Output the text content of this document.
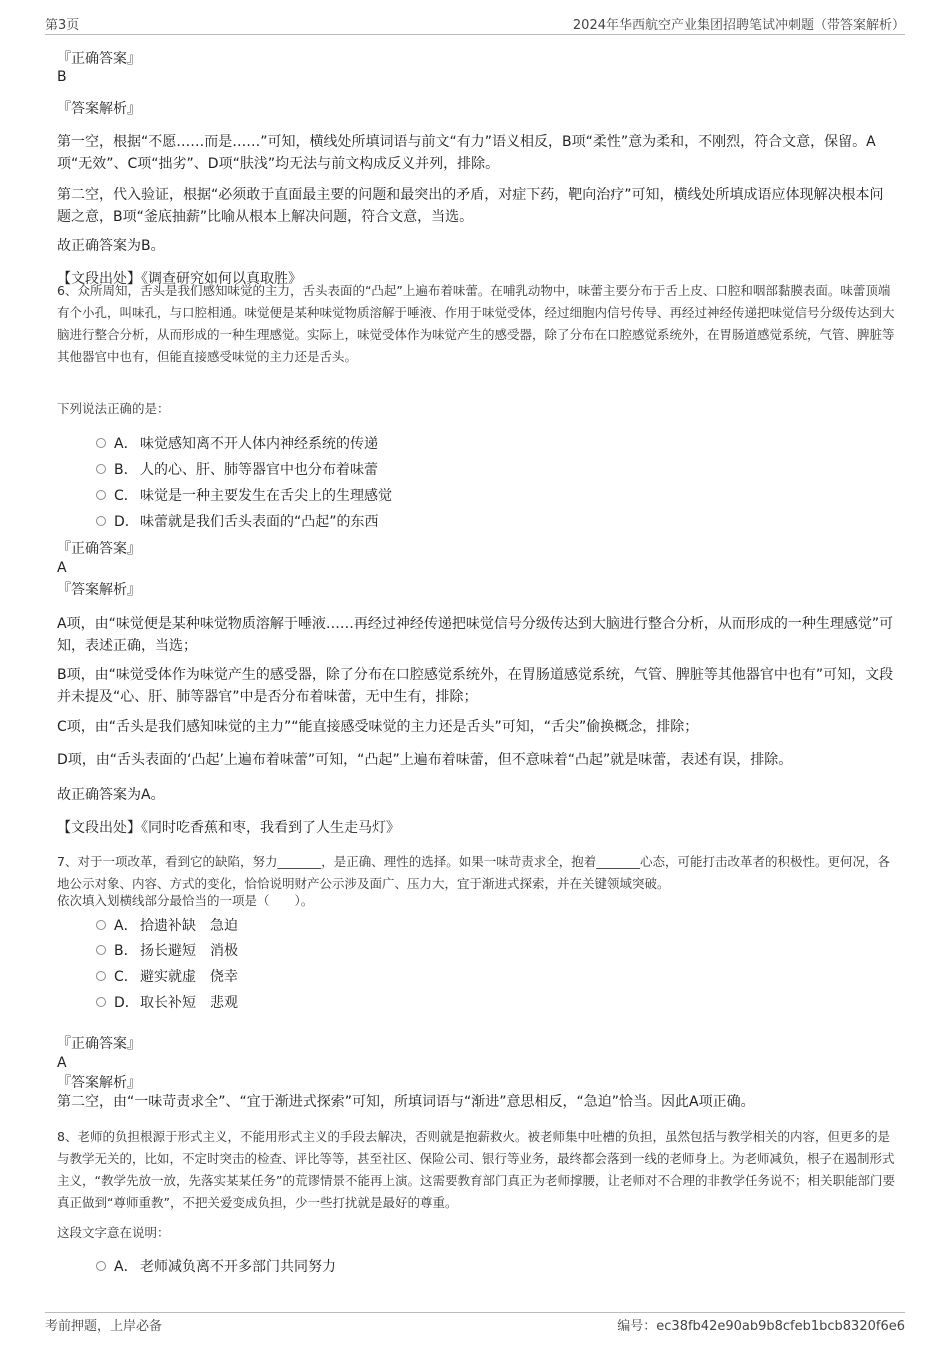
第3页	2024年华西航空产业集团招聘笔试冲刺题（带答案解析）
『正确答案』
B
『答案解析』
第一空，根据“不愿……而是……”可知，横线处所填词语与前文“有力”语义相反，B项“柔性”意为柔和，不刚烈，符合文意，保留。A项“无效”、C项“拙劣”、D项“肤浅”均无法与前文构成反义并列，排除。
第二空，代入验证，根据“必须敢于直面最主要的问题和最突出的矛盾，对症下药，靶向治疗”可知，横线处所填成语应体现解决根本问题之意，B项“釜底抽薪”比喻从根本上解决问题，符合文意，当选。
故正确答案为B。
【文段出处】《调查研究如何以真取胜》
6、众所周知，舌头是我们感知味觉的主力，舌头表面的“凸起”上遍布着味蕾。在哺乳动物中，味蕾主要分布于舌上皮、口腔和咽部黏膜表面。味蕾顶端有个小孔，叫味孔，与口腔相通。味觉便是某种味觉物质溶解于唾液、作用于味觉受体，经过细胞内信号传导、再经过神经传递把味觉信号分级传达到大脑进行整合分析，从而形成的一种生理感觉。实际上，味觉受体作为味觉产生的感受器，除了分布在口腔感觉系统外，在胃肠道感觉系统，气管、脾脏等其他器官中也有，但能直接感受味觉的主力还是舌头。
下列说法正确的是：
A． 味觉感知离不开人体内神经系统的传递
B． 人的心、肝、肺等器官中也分布着味蕾
C． 味觉是一种主要发生在舌尖上的生理感觉
D．味蕾就是我们舌头表面的“凸起”的东西
『正确答案』
A
『答案解析』
A项，由“味觉便是某种味觉物质溶解于唾液……再经过神经传递把味觉信号分级传达到大脑进行整合分析，从而形成的一种生理感觉”可知，表述正确，当选；
B项，由“味觉受体作为味觉产生的感受器，除了分布在口腔感觉系统外，在胃肠道感觉系统，气管、脾脏等其他器官中也有”可知，文段并未提及“心、肝、肺等器官”中是否分布着味蕾，无中生有，排除；
C项，由“舌头是我们感知味觉的主力”“能直接感受味觉的主力还是舌头”可知，“舌尖”偷换概念，排除；
D项，由“舌头表面的‘凸起’上遍布着味蕾”可知，“凸起”上遍布着味蕾，但不意味着“凸起”就是味蕾，表述有误，排除。
故正确答案为A。
【文段出处】《同时吃香蕉和枣，我看到了人生走马灯》
7、对于一项改革，看到它的缺陷，努力_______，是正确、理性的选择。如果一味苛责求全，抱着_______心态，可能打击改革者的积极性。更何况，各地公示对象、内容、方式的变化，恰恰说明财产公示涉及面广、压力大，宜于渐进式探索，并在关键领域突破。
依次填入划横线部分最恰当的一项是（　　）。
A． 拾遗补缺　急迫
B． 扬长避短　消极
C． 避实就虚　侥幸
D．取长补短　悲观
『正确答案』
A
『答案解析』
第二空，由“一味苛责求全”、“宜于渐进式探索”可知，所填词语与“渐进”意思相反，“急迫”恰当。因此A项正确。
8、老师的负担根源于形式主义，不能用形式主义的手段去解决，否则就是抱薪救火。被老师集中吐槽的负担，虽然包括与教学相关的内容，但更多的是与教学无关的，比如，不定时突击的检查、评比等等，甚至社区、保险公司、银行等业务，最终都会落到一线的老师身上。为老师减负，根子在遏制形式主义，“教学先放一放，先落实某某任务”的荒谬情景不能再上演。这需要教育部门真正为老师撑腰，让老师对不合理的非教学任务说不；相关职能部门要真正做到“尊师重教”，不把关爱变成负担，少一些打扰就是最好的尊重。
这段文字意在说明：
A． 老师减负离不开多部门共同努力
考前押题，上岸必备	编号：ec38fb42e90ab9b8cfeb1bcb8320f6e6
